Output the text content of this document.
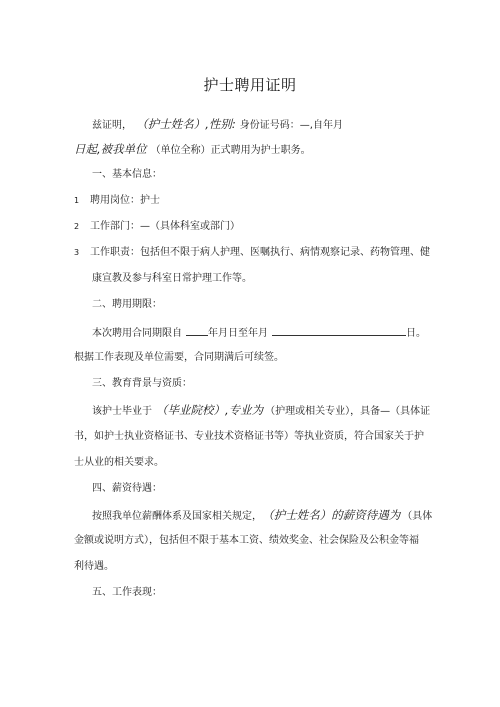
护士聘用证明
兹证明， （护士姓名）,性别: 身份证号码：—,自年月
日起,被我单位 （单位全称）正式聘用为护士职务。
一、基本信息：
1 聘用岗位：护士
2 工作部门：—（具体科室或部门）
3 工作职责：包括但不限于病人护理、医嘱执行、病情观察记录、药物管理、健
康宣教及参与科室日常护理工作等。
二、聘用期限：
本次聘用合同期限自	年月日至年月	日。
根据工作表现及单位需要，合同期满后可续签。
三、教育背景与资质：
该护士毕业于 （毕业院校）,专业为 （护理或相关专业），具备—（具体证
书，如护士执业资格证书、专业技术资格证书等）等执业资质，符合国家关于护
士从业的相关要求。
四、薪资待遇：
按照我单位薪酬体系及国家相关规定， （护士姓名）的薪资待遇为 （具体
金额或说明方式），包括但不限于基本工资、绩效奖金、社会保险及公积金等福
利待遇。
五、工作表现：
